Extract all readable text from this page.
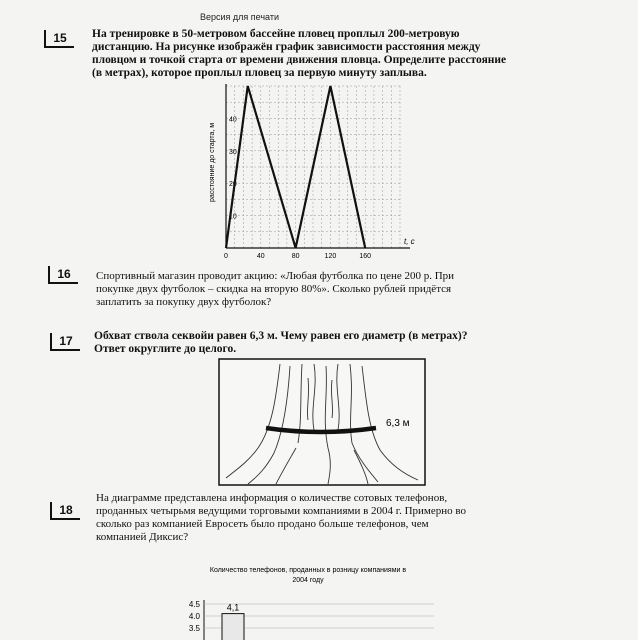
Версия для печати
15	На тренировке в 50-метровом бассейне пловец проплыл 200-метровую
дистанцию. На рисунке изображён график зависимости расстояния между
пловцом и точкой старта от времени движения пловца. Определите расстояние
(в метрах), которое проплыл пловец за первую минуту заплыва.
0	40	80	120	160
10
20
30
40
t, c
расстояние до старта, м
16	Спортивный магазин проводит акцию: «Любая футболка по цене 200 р. При
покупке двух футболок – скидка на вторую 80%». Сколько рублей придётся
заплатить за покупку двух футболок?
17	Обхват ствола секвойи равен 6,3 м. Чему равен его диаметр (в метрах)?
Ответ округлите до целого.
6,3 м
18
На диаграмме представлена информация о количестве сотовых телефонов,
проданных четырьмя ведущими торговыми компаниями в 2004 г. Примерно во
сколько раз компанией Евросеть было продано больше телефонов, чем
компанией Диксис?
Количество телефонов, проданных в розницу компаниями в
2004 году
4.5
4.0
3.5
4,1
